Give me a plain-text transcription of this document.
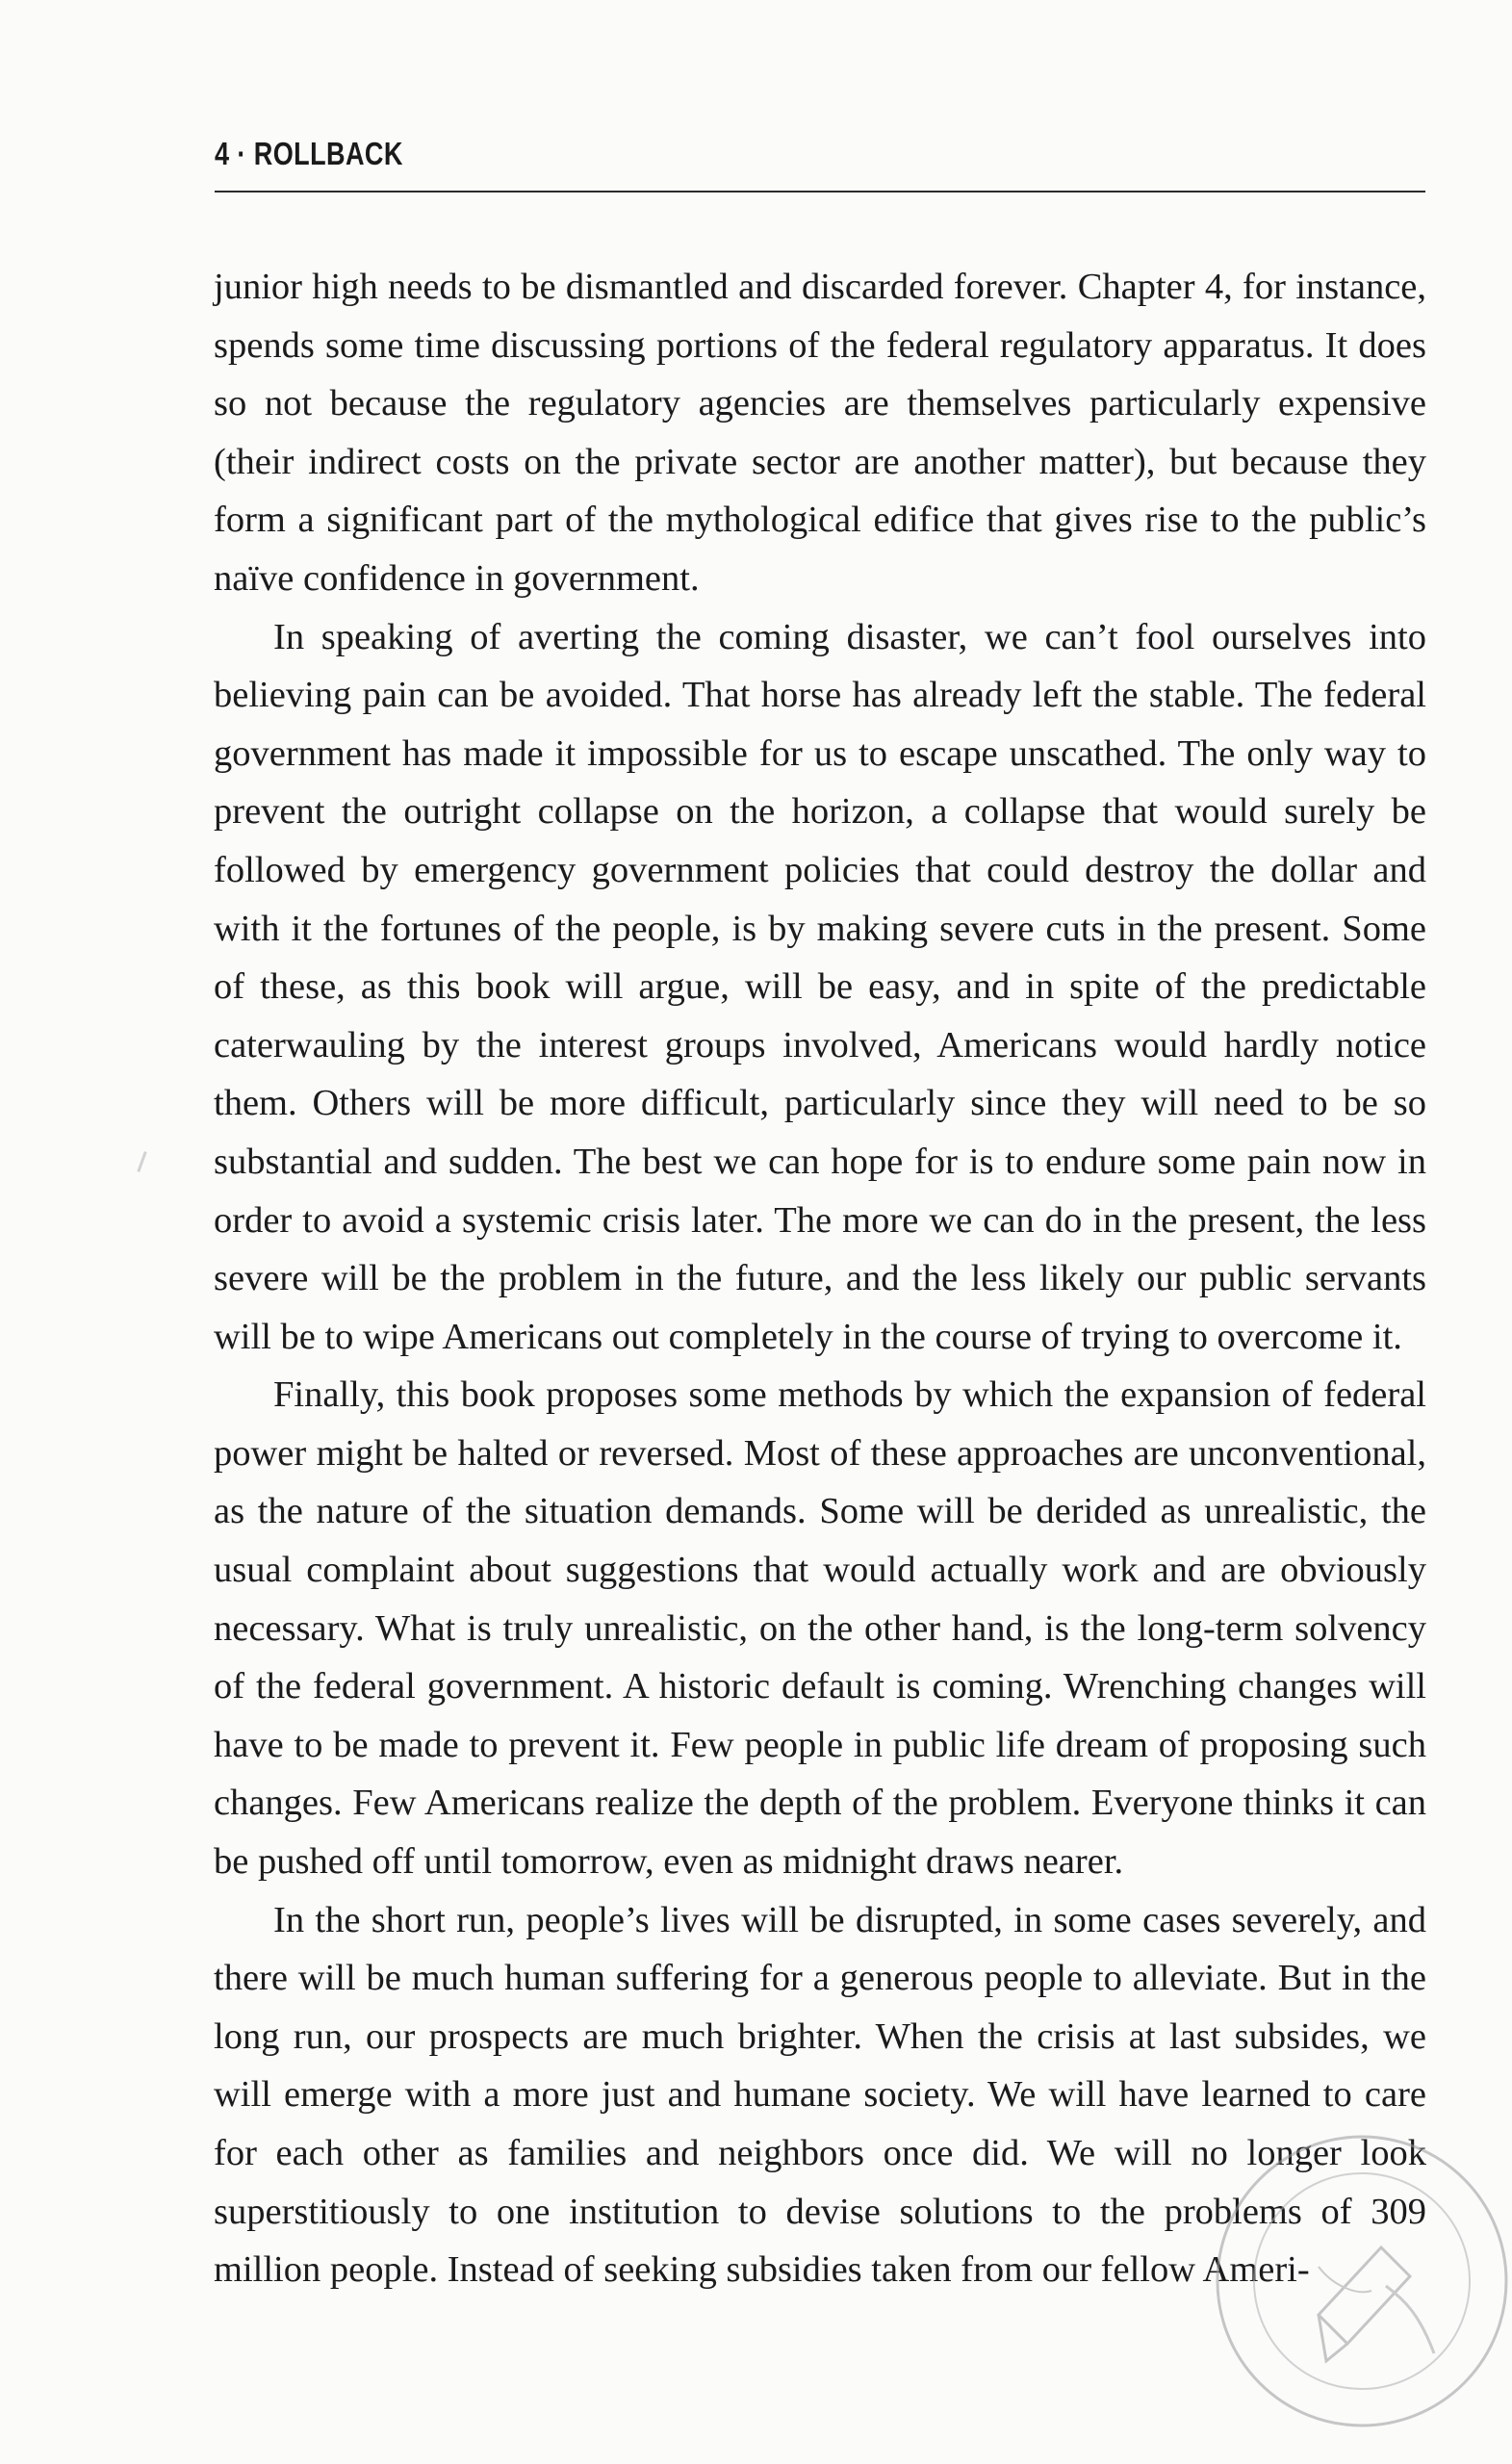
4 · ROLLBACK

junior high needs to be dismantled and discarded forever. Chapter 4, for instance, spends some time discussing portions of the federal regulatory apparatus. It does so not because the regulatory agencies are themselves particularly expensive (their indirect costs on the private sector are another matter), but because they form a significant part of the mythological edifice that gives rise to the public’s naïve confidence in government.

In speaking of averting the coming disaster, we can’t fool ourselves into believing pain can be avoided. That horse has already left the stable. The federal government has made it impossible for us to escape unscathed. The only way to prevent the outright collapse on the horizon, a collapse that would surely be followed by emergency government policies that could destroy the dollar and with it the fortunes of the people, is by making severe cuts in the present. Some of these, as this book will argue, will be easy, and in spite of the predictable caterwauling by the interest groups involved, Americans would hardly notice them. Others will be more difficult, particularly since they will need to be so substantial and sudden. The best we can hope for is to endure some pain now in order to avoid a systemic crisis later. The more we can do in the present, the less severe will be the problem in the future, and the less likely our public servants will be to wipe Americans out completely in the course of trying to overcome it.

Finally, this book proposes some methods by which the expansion of federal power might be halted or reversed. Most of these approaches are unconventional, as the nature of the situation demands. Some will be derided as unrealistic, the usual complaint about suggestions that would actually work and are obviously necessary. What is truly unrealistic, on the other hand, is the long-term solvency of the federal government. A historic default is coming. Wrenching changes will have to be made to prevent it. Few people in public life dream of proposing such changes. Few Americans realize the depth of the problem. Everyone thinks it can be pushed off until tomorrow, even as midnight draws nearer.

In the short run, people’s lives will be disrupted, in some cases severely, and there will be much human suffering for a generous people to alleviate. But in the long run, our prospects are much brighter. When the crisis at last subsides, we will emerge with a more just and humane society. We will have learned to care for each other as families and neighbors once did. We will no longer look superstitiously to one institution to devise solutions to the problems of 309 million people. Instead of seeking subsidies taken from our fellow Ameri-
